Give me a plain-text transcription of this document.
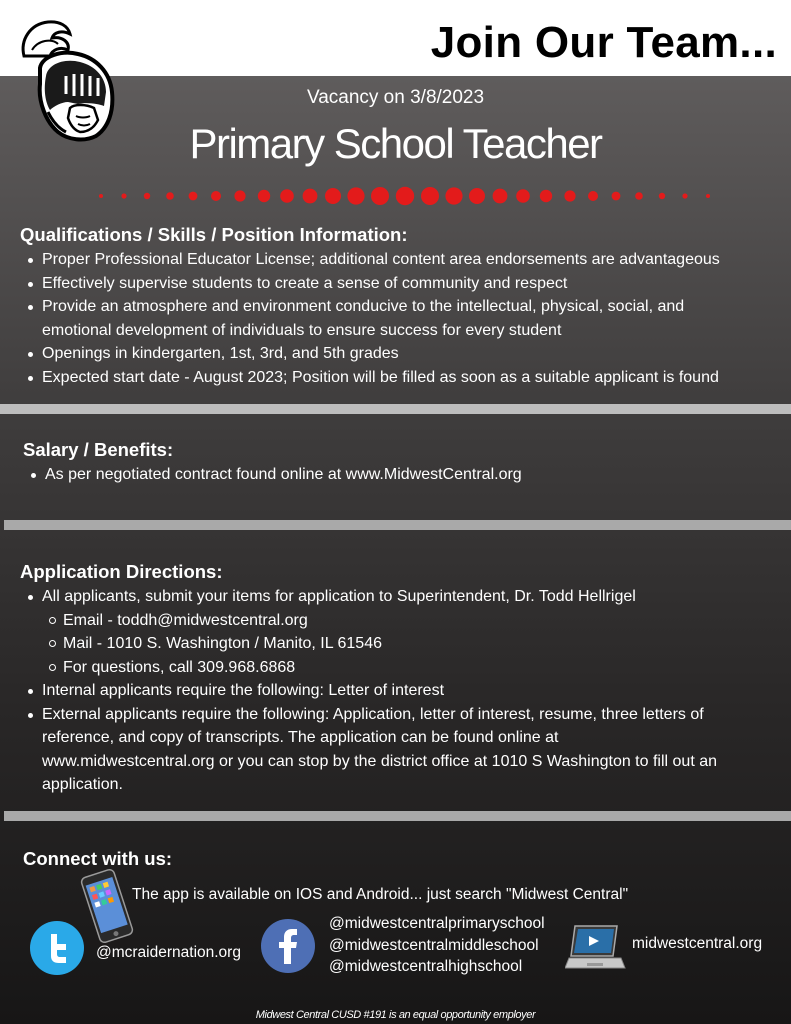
Join Our Team...
Vacancy on 3/8/2023
Primary School Teacher
Qualifications / Skills / Position Information:
Proper Professional Educator License; additional content area endorsements are advantageous
Effectively supervise students to create a sense of community and respect
Provide an atmosphere and environment conducive to the intellectual, physical, social, and emotional development of individuals to ensure success for every student
Openings in kindergarten, 1st, 3rd, and 5th grades
Expected start date - August 2023; Position will be filled as soon as a suitable applicant is found
Salary / Benefits:
As per negotiated contract found online at www.MidwestCentral.org
Application Directions:
All applicants, submit your items for application to Superintendent, Dr. Todd Hellrigel
Email - toddh@midwestcentral.org
Mail - 1010 S. Washington / Manito, IL 61546
For questions, call 309.968.6868
Internal applicants require the following: Letter of interest
External applicants require the following: Application, letter of interest, resume, three letters of reference, and copy of transcripts. The application can be found online at www.midwestcentral.org or you can stop by the district office at 1010 S Washington to fill out an application.
Connect with us:
The app is available on IOS and Android... just search "Midwest Central"
@mcraidernation.org
@midwestcentralprimaryschool
@midwestcentralmiddleschool
@midwestcentralhighschool
midwestcentral.org
Midwest Central CUSD #191 is an equal opportunity employer
